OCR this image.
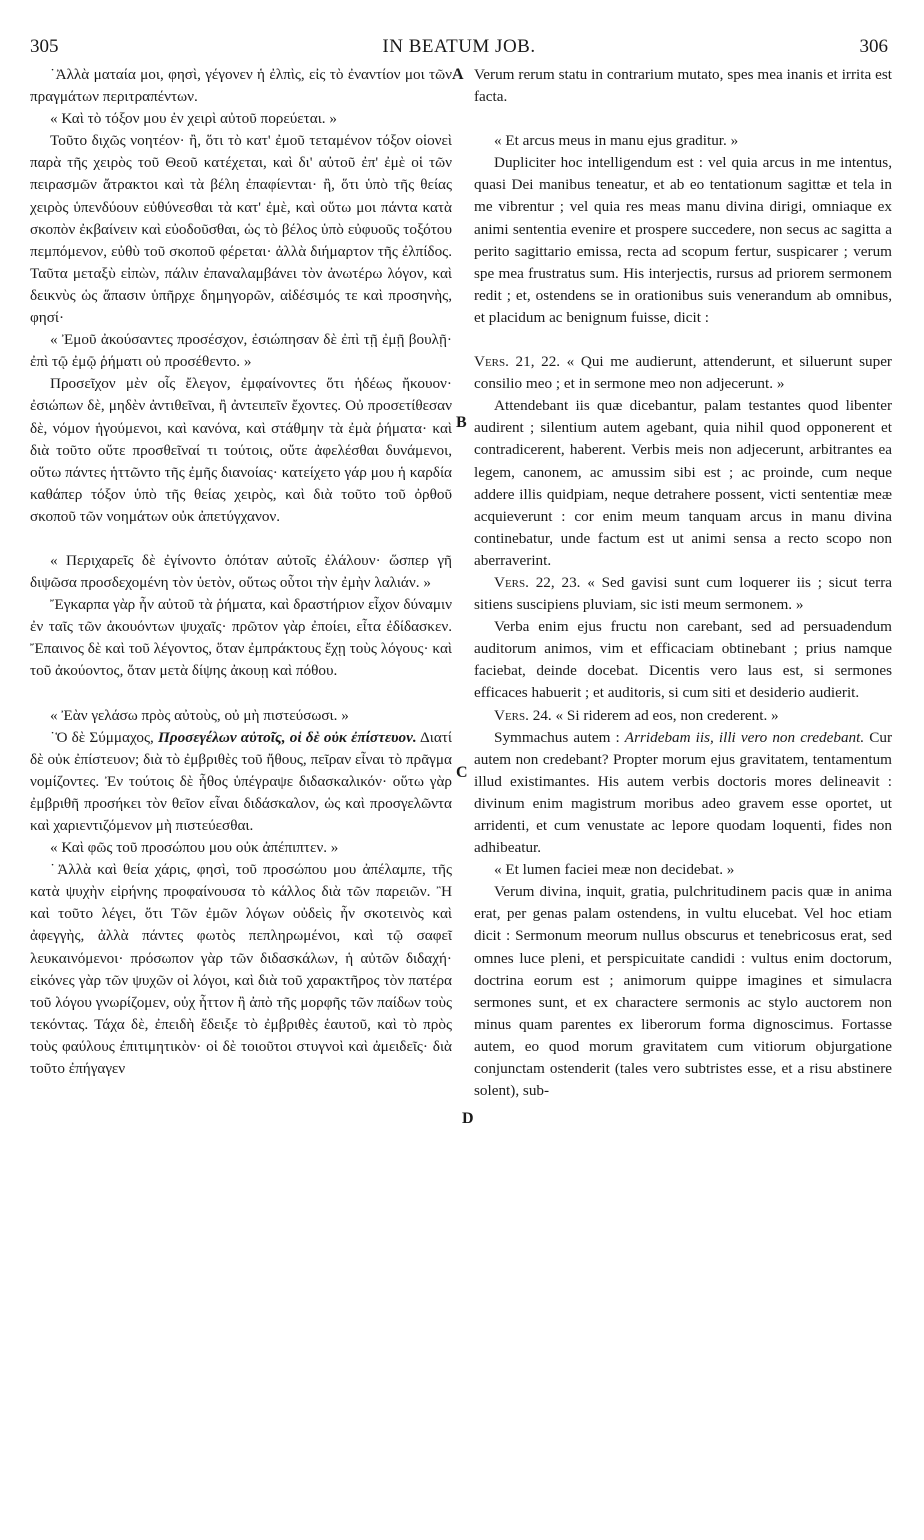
305	IN BEATUM JOB.	306
A
B
C
D

˙Ἀλλὰ ματαία μοι, φησὶ, γέγονεν ἡ ἐλπὶς, εἰς τὸ ἐναντίον μοι τῶν πραγμάτων περιτραπέντων.

« Καὶ τὸ τόξον μου ἐν χειρὶ αὐτοῦ πορεύεται. »

Τοῦτο διχῶς νοητέον· ἢ, ὅτι τὸ κατ' ἐμοῦ τεταμένον τόξον οἱονεὶ παρὰ τῆς χειρὸς τοῦ Θεοῦ κατέχεται, καὶ δι' αὐτοῦ ἐπ' ἐμὲ οἱ τῶν πειρασμῶν ἄτρακτοι καὶ τὰ βέλη ἐπαφίενται· ἢ, ὅτι ὑπὸ τῆς θείας χειρὸς ὑπενδύουν εὐθύνεσθαι τὰ κατ' ἐμὲ, καὶ οὕτω μοι πάντα κατὰ σκοπὸν ἐκβαίνειν καὶ εὐοδοῦσθαι, ὡς τὸ βέλος ὑπὸ εὐφυοῦς τοξότου πεμπόμενον, εὐθὺ τοῦ σκοποῦ φέρεται· ἀλλὰ διήμαρτον τῆς ἐλπίδος. Ταῦτα μεταξὺ εἰπὼν, πάλιν ἐπαναλαμβάνει τὸν ἀνωτέρω λόγον, καὶ δεικνὺς ὡς ἅπασιν ὑπῆρχε δημηγορῶν, αἰδέσιμός τε καὶ προσηνὴς, φησί·

« Ἐμοῦ ἀκούσαντες προσέσχον, ἐσιώπησαν δὲ ἐπὶ τῇ ἐμῇ βουλῇ· ἐπὶ τῷ ἐμῷ ῥήματι οὐ προσέθεντο. »

Προσεῖχον μὲν οἷς ἔλεγον, ἐμφαίνοντες ὅτι ἡδέως ἤκουον· ἐσιώπων δὲ, μηδὲν ἀντιθεῖναι, ἢ ἀντειπεῖν ἔχοντες. Οὐ προσετίθεσαν δὲ, νόμον ἡγούμενοι, καὶ κανόνα, καὶ στάθμην τὰ ἐμὰ ῥήματα· καὶ διὰ τοῦτο οὔτε προσθεῖναί τι τούτοις, οὔτε ἀφελέσθαι δυνάμενοι, οὕτω πάντες ἡττῶντο τῆς ἐμῆς διανοίας· κατείχετο γάρ μου ἡ καρδία καθάπερ τόξον ὑπὸ τῆς θείας χειρὸς, καὶ διὰ τοῦτο τοῦ ὀρθοῦ σκοποῦ τῶν νοημάτων οὐκ ἀπετύγχανον.

« Περιχαρεῖς δὲ ἐγίνοντο ὁπόταν αὐτοῖς ἐλάλουν· ὥσπερ γῆ διψῶσα προσδεχομένη τὸν ὑετὸν, οὕτως οὗτοι τὴν ἐμὴν λαλιάν. »

Ἔγκαρπα γὰρ ἦν αὐτοῦ τὰ ῥήματα, καὶ δραστήριον εἶχον δύναμιν ἐν ταῖς τῶν ἀκουόντων ψυχαῖς· πρῶτον γὰρ ἐποίει, εἶτα ἐδίδασκεν. Ἔπαινος δὲ καὶ τοῦ λέγοντος, ὅταν ἐμπράκτους ἔχῃ τοὺς λόγους· καὶ τοῦ ἀκούοντος, ὅταν μετὰ δίψης ἀκουῃ καὶ πόθου.

« Ἐὰν γελάσω πρὸς αὐτοὺς, οὐ μὴ πιστεύσωσι. »

˙Ὁ δὲ Σύμμαχος, Προσεγέλων αὐτοῖς, οἱ δὲ οὐκ ἐπίστευον. Διατί δὲ οὐκ ἐπίστευον; διὰ τὸ ἐμβριθὲς τοῦ ἤθους, πεῖραν εἶναι τὸ πρᾶγμα νομίζοντες. Ἐν τούτοις δὲ ἦθος ὑπέγραψε διδασκαλικόν· οὕτω γὰρ ἐμβριθῆ προσήκει τὸν θεῖον εἶναι διδάσκαλον, ὡς καὶ προσγελῶντα καὶ χαριεντιζόμενον μὴ πιστεύεσθαι.

« Καὶ φῶς τοῦ προσώπου μου οὐκ ἀπέπιπτεν. »

˙Ἀλλὰ καὶ θεία χάρις, φησὶ, τοῦ προσώπου μου ἀπέλαμπε, τῆς κατὰ ψυχὴν εἰρήνης προφαίνουσα τὸ κάλλος διὰ τῶν παρειῶν. Ἢ καὶ τοῦτο λέγει, ὅτι Τῶν ἐμῶν λόγων οὐδεὶς ἦν σκοτεινὸς καὶ ἀφεγγὴς, ἀλλὰ πάντες φωτὸς πεπληρωμένοι, καὶ τῷ σαφεῖ λευκαινόμενοι· πρόσωπον γὰρ τῶν διδασκάλων, ἡ αὐτῶν διδαχή· εἰκόνες γὰρ τῶν ψυχῶν οἱ λόγοι, καὶ διὰ τοῦ χαρακτῆρος τὸν πατέρα τοῦ λόγου γνωρίζομεν, οὐχ ἧττον ἢ ἀπὸ τῆς μορφῆς τῶν παίδων τοὺς τεκόντας. Τάχα δὲ, ἐπειδὴ ἔδειξε τὸ ἐμβριθὲς ἑαυτοῦ, καὶ τὸ πρὸς τοὺς φαύλους ἐπιτιμητικὸν· οἱ δὲ τοιοῦτοι στυγνοὶ καὶ ἀμειδεῖς· διὰ τοῦτο ἐπήγαγεν

Verum rerum statu in contrarium mutato, spes mea inanis et irrita est facta.

« Et arcus meus in manu ejus graditur. »

Dupliciter hoc intelligendum est : vel quia arcus in me intentus, quasi Dei manibus teneatur, et ab eo tentationum sagittæ et tela in me vibrentur ; vel quia res meas manu divina dirigi, omniaque ex animi sententia evenire et prospere succedere, non secus ac sagitta a perito sagittario emissa, recta ad scopum fertur, suspicarer ; verum spe mea frustratus sum. His interjectis, rursus ad priorem sermonem redit ; et, ostendens se in orationibus suis venerandum ab omnibus, et placidum ac benignum fuisse, dicit :

Vers. 21, 22. « Qui me audierunt, attenderunt, et siluerunt super consilio meo ; et in sermone meo non adjecerunt. »

Attendebant iis quæ dicebantur, palam testantes quod libenter audirent ; silentium autem agebant, quia nihil quod opponerent et contradicerent, haberent. Verbis meis non adjecerunt, arbitrantes ea legem, canonem, ac amussim sibi est ; ac proinde, cum neque addere illis quidpiam, neque detrahere possent, victi sententiæ meæ acquieverunt : cor enim meum tanquam arcus in manu divina continebatur, unde factum est ut animi sensa a recto scopo non aberraverint.

Vers. 22, 23. « Sed gavisi sunt cum loquerer iis ; sicut terra sitiens suscipiens pluviam, sic isti meum sermonem. »

Verba enim ejus fructu non carebant, sed ad persuadendum auditorum animos, vim et efficaciam obtinebant ; prius namque faciebat, deinde docebat. Dicentis vero laus est, si sermones efficaces habuerit ; et auditoris, si cum siti et desiderio audierit.

Vers. 24. « Si riderem ad eos, non crederent. »

Symmachus autem : Arridebam iis, illi vero non credebant. Cur autem non credebant? Propter morum ejus gravitatem, tentamentum illud existimantes. His autem verbis doctoris mores delineavit : divinum enim magistrum moribus adeo gravem esse oportet, ut arridenti, et cum venustate ac lepore quodam loquenti, fides non adhibeatur.

« Et lumen faciei meæ non decidebat. »

Verum divina, inquit, gratia, pulchritudinem pacis quæ in anima erat, per genas palam ostendens, in vultu elucebat. Vel hoc etiam dicit : Sermonum meorum nullus obscurus et tenebricosus erat, sed omnes luce pleni, et perspicuitate candidi : vultus enim doctorum, doctrina eorum est ; animorum quippe imagines et simulacra sermones sunt, et ex charactere sermonis ac stylo auctorem non minus quam parentes ex liberorum forma dignoscimus. Fortasse autem, eo quod morum gravitatem cum vitiorum objurgatione conjunctam ostenderit (tales vero subtristes esse, et a risu abstinere solent), sub-
